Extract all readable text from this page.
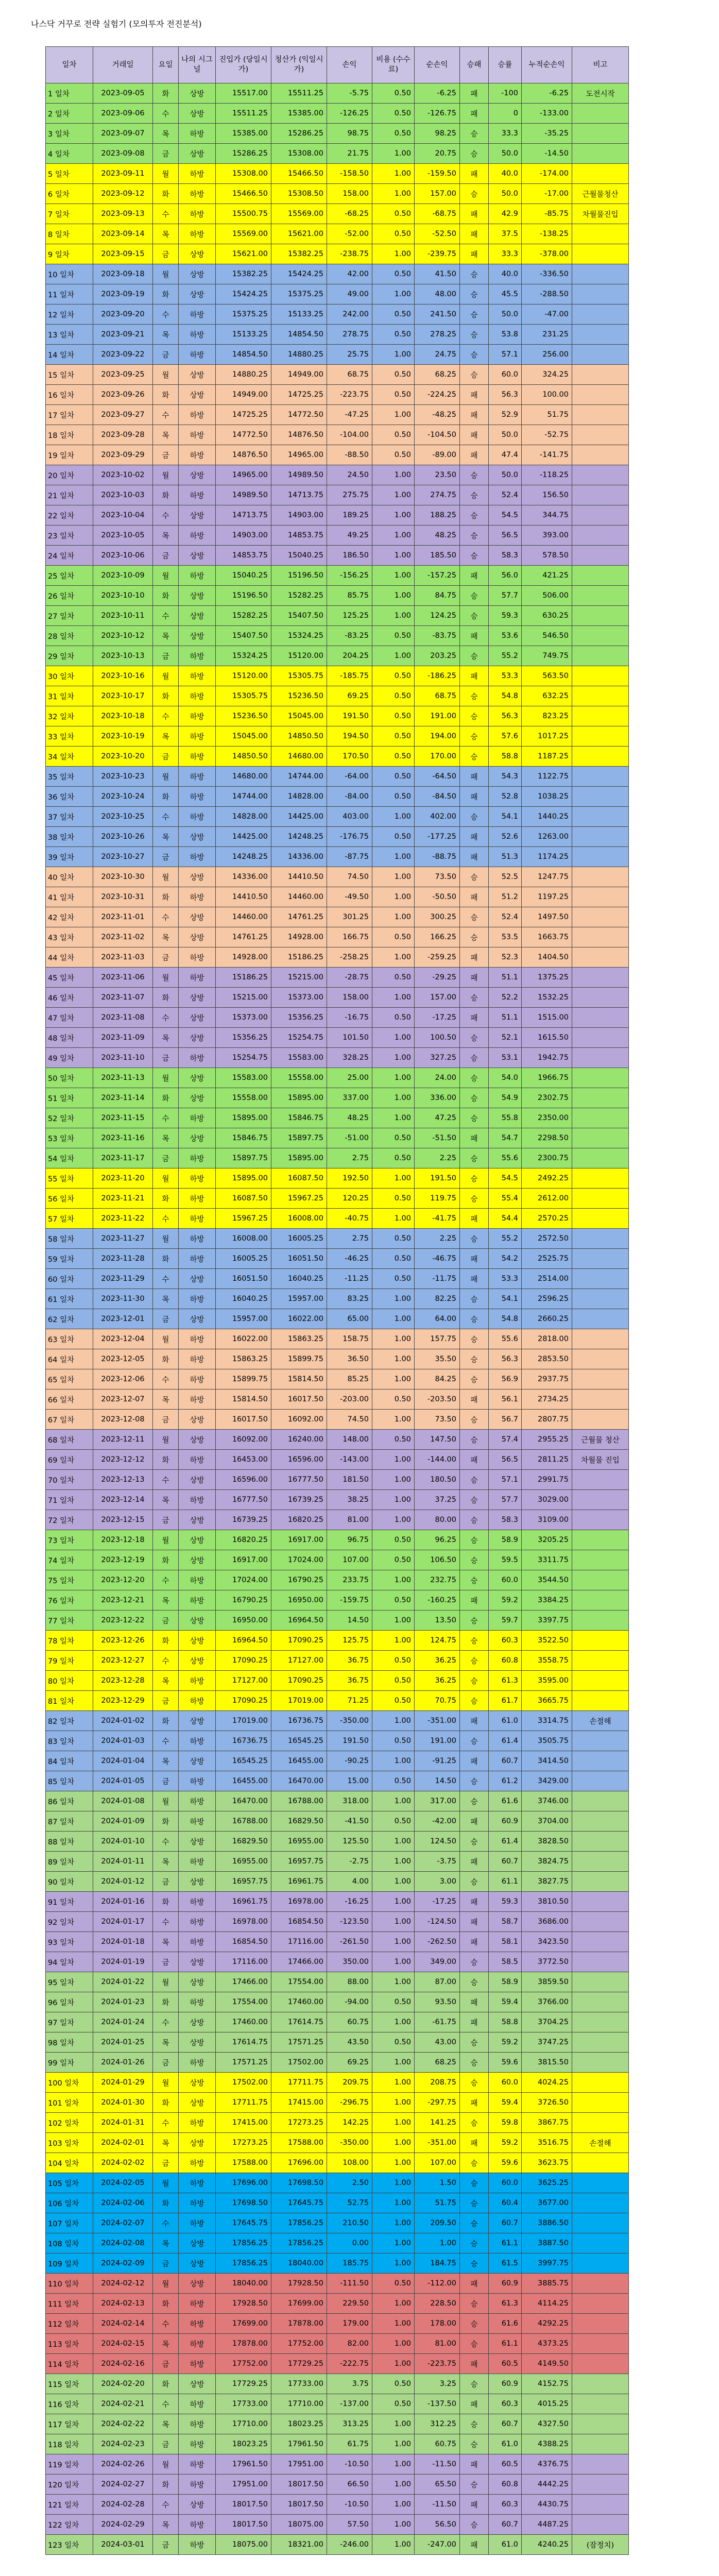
나스닥 거꾸로 전략 실험기 (모의투자 전진분석)
일차	거래일	요일	나의 시그널	진입가 (당일시가)	청산가 (익일시가)	손익	비용 (수수료)	순손익	승패	승률	누적순손익	비고
1 일차	2023-09-05	화	상방	15517.00	15511.25	-5.75	0.50	-6.25	패	-100	-6.25	도전시작
2 일차	2023-09-06	수	상방	15511.25	15385.00	-126.25	0.50	-126.75	패	0	-133.00	
3 일차	2023-09-07	목	하방	15385.00	15286.25	98.75	0.50	98.25	승	33.3	-35.25	
4 일차	2023-09-08	금	상방	15286.25	15308.00	21.75	1.00	20.75	승	50.0	-14.50	
5 일차	2023-09-11	월	하방	15308.00	15466.50	-158.50	1.00	-159.50	패	40.0	-174.00	
6 일차	2023-09-12	화	하방	15466.50	15308.50	158.00	1.00	157.00	승	50.0	-17.00	근월물청산
7 일차	2023-09-13	수	하방	15500.75	15569.00	-68.25	0.50	-68.75	패	42.9	-85.75	차월물진입
8 일차	2023-09-14	목	하방	15569.00	15621.00	-52.00	0.50	-52.50	패	37.5	-138.25	
9 일차	2023-09-15	금	상방	15621.00	15382.25	-238.75	1.00	-239.75	패	33.3	-378.00	
10 일차	2023-09-18	월	상방	15382.25	15424.25	42.00	0.50	41.50	승	40.0	-336.50	
11 일차	2023-09-19	화	상방	15424.25	15375.25	49.00	1.00	48.00	승	45.5	-288.50	
12 일차	2023-09-20	수	하방	15375.25	15133.25	242.00	0.50	241.50	승	50.0	-47.00	
13 일차	2023-09-21	목	하방	15133.25	14854.50	278.75	0.50	278.25	승	53.8	231.25	
14 일차	2023-09-22	금	하방	14854.50	14880.25	25.75	1.00	24.75	승	57.1	256.00	
15 일차	2023-09-25	월	상방	14880.25	14949.00	68.75	0.50	68.25	승	60.0	324.25	
16 일차	2023-09-26	화	상방	14949.00	14725.25	-223.75	0.50	-224.25	패	56.3	100.00	
17 일차	2023-09-27	수	하방	14725.25	14772.50	-47.25	1.00	-48.25	패	52.9	51.75	
18 일차	2023-09-28	목	하방	14772.50	14876.50	-104.00	0.50	-104.50	패	50.0	-52.75	
19 일차	2023-09-29	금	하방	14876.50	14965.00	-88.50	0.50	-89.00	패	47.4	-141.75	
20 일차	2023-10-02	월	상방	14965.00	14989.50	24.50	1.00	23.50	승	50.0	-118.25	
21 일차	2023-10-03	화	하방	14989.50	14713.75	275.75	1.00	274.75	승	52.4	156.50	
22 일차	2023-10-04	수	상방	14713.75	14903.00	189.25	1.00	188.25	승	54.5	344.75	
23 일차	2023-10-05	목	하방	14903.00	14853.75	49.25	1.00	48.25	승	56.5	393.00	
24 일차	2023-10-06	금	상방	14853.75	15040.25	186.50	1.00	185.50	승	58.3	578.50	
25 일차	2023-10-09	월	하방	15040.25	15196.50	-156.25	1.00	-157.25	패	56.0	421.25	
26 일차	2023-10-10	화	상방	15196.50	15282.25	85.75	1.00	84.75	승	57.7	506.00	
27 일차	2023-10-11	수	상방	15282.25	15407.50	125.25	1.00	124.25	승	59.3	630.25	
28 일차	2023-10-12	목	상방	15407.50	15324.25	-83.25	0.50	-83.75	패	53.6	546.50	
29 일차	2023-10-13	금	하방	15324.25	15120.00	204.25	1.00	203.25	승	55.2	749.75	
30 일차	2023-10-16	월	하방	15120.00	15305.75	-185.75	0.50	-186.25	패	53.3	563.50	
31 일차	2023-10-17	화	하방	15305.75	15236.50	69.25	0.50	68.75	승	54.8	632.25	
32 일차	2023-10-18	수	하방	15236.50	15045.00	191.50	0.50	191.00	승	56.3	823.25	
33 일차	2023-10-19	목	하방	15045.00	14850.50	194.50	0.50	194.00	승	57.6	1017.25	
34 일차	2023-10-20	금	하방	14850.50	14680.00	170.50	0.50	170.00	승	58.8	1187.25	
35 일차	2023-10-23	월	하방	14680.00	14744.00	-64.00	0.50	-64.50	패	54.3	1122.75	
36 일차	2023-10-24	화	하방	14744.00	14828.00	-84.00	0.50	-84.50	패	52.8	1038.25	
37 일차	2023-10-25	수	하방	14828.00	14425.00	403.00	1.00	402.00	승	54.1	1440.25	
38 일차	2023-10-26	목	상방	14425.00	14248.25	-176.75	0.50	-177.25	패	52.6	1263.00	
39 일차	2023-10-27	금	하방	14248.25	14336.00	-87.75	1.00	-88.75	패	51.3	1174.25	
40 일차	2023-10-30	월	상방	14336.00	14410.50	74.50	1.00	73.50	승	52.5	1247.75	
41 일차	2023-10-31	화	하방	14410.50	14460.00	-49.50	1.00	-50.50	패	51.2	1197.25	
42 일차	2023-11-01	수	상방	14460.00	14761.25	301.25	1.00	300.25	승	52.4	1497.50	
43 일차	2023-11-02	목	상방	14761.25	14928.00	166.75	0.50	166.25	승	53.5	1663.75	
44 일차	2023-11-03	금	하방	14928.00	15186.25	-258.25	1.00	-259.25	패	52.3	1404.50	
45 일차	2023-11-06	월	하방	15186.25	15215.00	-28.75	0.50	-29.25	패	51.1	1375.25	
46 일차	2023-11-07	화	상방	15215.00	15373.00	158.00	1.00	157.00	승	52.2	1532.25	
47 일차	2023-11-08	수	상방	15373.00	15356.25	-16.75	0.50	-17.25	패	51.1	1515.00	
48 일차	2023-11-09	목	상방	15356.25	15254.75	101.50	1.00	100.50	승	52.1	1615.50	
49 일차	2023-11-10	금	하방	15254.75	15583.00	328.25	1.00	327.25	승	53.1	1942.75	
50 일차	2023-11-13	월	상방	15583.00	15558.00	25.00	1.00	24.00	승	54.0	1966.75	
51 일차	2023-11-14	화	상방	15558.00	15895.00	337.00	1.00	336.00	승	54.9	2302.75	
52 일차	2023-11-15	수	하방	15895.00	15846.75	48.25	1.00	47.25	승	55.8	2350.00	
53 일차	2023-11-16	목	상방	15846.75	15897.75	-51.00	0.50	-51.50	패	54.7	2298.50	
54 일차	2023-11-17	금	하방	15897.75	15895.00	2.75	0.50	2.25	승	55.6	2300.75	
55 일차	2023-11-20	월	하방	15895.00	16087.50	192.50	1.00	191.50	승	54.5	2492.25	
56 일차	2023-11-21	화	하방	16087.50	15967.25	120.25	0.50	119.75	승	55.4	2612.00	
57 일차	2023-11-22	수	하방	15967.25	16008.00	-40.75	1.00	-41.75	패	54.4	2570.25	
58 일차	2023-11-27	월	하방	16008.00	16005.25	2.75	0.50	2.25	승	55.2	2572.50	
59 일차	2023-11-28	화	하방	16005.25	16051.50	-46.25	0.50	-46.75	패	54.2	2525.75	
60 일차	2023-11-29	수	상방	16051.50	16040.25	-11.25	0.50	-11.75	패	53.3	2514.00	
61 일차	2023-11-30	목	하방	16040.25	15957.00	83.25	1.00	82.25	승	54.1	2596.25	
62 일차	2023-12-01	금	상방	15957.00	16022.00	65.00	1.00	64.00	승	54.8	2660.25	
63 일차	2023-12-04	월	하방	16022.00	15863.25	158.75	1.00	157.75	승	55.6	2818.00	
64 일차	2023-12-05	화	하방	15863.25	15899.75	36.50	1.00	35.50	승	56.3	2853.50	
65 일차	2023-12-06	수	하방	15899.75	15814.50	85.25	1.00	84.25	승	56.9	2937.75	
66 일차	2023-12-07	목	하방	15814.50	16017.50	-203.00	0.50	-203.50	패	56.1	2734.25	
67 일차	2023-12-08	금	상방	16017.50	16092.00	74.50	1.00	73.50	승	56.7	2807.75	
68 일차	2023-12-11	월	상방	16092.00	16240.00	148.00	0.50	147.50	승	57.4	2955.25	근월물 청산
69 일차	2023-12-12	화	하방	16453.00	16596.00	-143.00	1.00	-144.00	패	56.5	2811.25	차월물 진입
70 일차	2023-12-13	수	상방	16596.00	16777.50	181.50	1.00	180.50	승	57.1	2991.75	
71 일차	2023-12-14	목	하방	16777.50	16739.25	38.25	1.00	37.25	승	57.7	3029.00	
72 일차	2023-12-15	금	상방	16739.25	16820.25	81.00	1.00	80.00	승	58.3	3109.00	
73 일차	2023-12-18	월	상방	16820.25	16917.00	96.75	0.50	96.25	승	58.9	3205.25	
74 일차	2023-12-19	화	상방	16917.00	17024.00	107.00	0.50	106.50	승	59.5	3311.75	
75 일차	2023-12-20	수	하방	17024.00	16790.25	233.75	1.00	232.75	승	60.0	3544.50	
76 일차	2023-12-21	목	하방	16790.25	16950.00	-159.75	0.50	-160.25	패	59.2	3384.25	
77 일차	2023-12-22	금	상방	16950.00	16964.50	14.50	1.00	13.50	승	59.7	3397.75	
78 일차	2023-12-26	화	상방	16964.50	17090.25	125.75	1.00	124.75	승	60.3	3522.50	
79 일차	2023-12-27	수	상방	17090.25	17127.00	36.75	0.50	36.25	승	60.8	3558.75	
80 일차	2023-12-28	목	하방	17127.00	17090.25	36.75	0.50	36.25	승	61.3	3595.00	
81 일차	2023-12-29	금	하방	17090.25	17019.00	71.25	0.50	70.75	승	61.7	3665.75	
82 일차	2024-01-02	화	상방	17019.00	16736.75	-350.00	1.00	-351.00	패	61.0	3314.75	손절해
83 일차	2024-01-03	수	하방	16736.75	16545.25	191.50	0.50	191.00	승	61.4	3505.75	
84 일차	2024-01-04	목	상방	16545.25	16455.00	-90.25	1.00	-91.25	패	60.7	3414.50	
85 일차	2024-01-05	금	하방	16455.00	16470.00	15.00	0.50	14.50	승	61.2	3429.00	
86 일차	2024-01-08	월	하방	16470.00	16788.00	318.00	1.00	317.00	승	61.6	3746.00	
87 일차	2024-01-09	화	하방	16788.00	16829.50	-41.50	0.50	-42.00	패	60.9	3704.00	
88 일차	2024-01-10	수	상방	16829.50	16955.00	125.50	1.00	124.50	승	61.4	3828.50	
89 일차	2024-01-11	목	하방	16955.00	16957.75	-2.75	1.00	-3.75	패	60.7	3824.75	
90 일차	2024-01-12	금	상방	16957.75	16961.75	4.00	1.00	3.00	승	61.1	3827.75	
91 일차	2024-01-16	화	하방	16961.75	16978.00	-16.25	1.00	-17.25	패	59.3	3810.50	
92 일차	2024-01-17	수	하방	16978.00	16854.50	-123.50	1.00	-124.50	패	58.7	3686.00	
93 일차	2024-01-18	목	하방	16854.50	17116.00	-261.50	1.00	-262.50	패	58.1	3423.50	
94 일차	2024-01-19	금	상방	17116.00	17466.00	350.00	1.00	349.00	승	58.5	3772.50	
95 일차	2024-01-22	월	상방	17466.00	17554.00	88.00	1.00	87.00	승	58.9	3859.50	
96 일차	2024-01-23	화	하방	17554.00	17460.00	-94.00	0.50	93.50	패	59.4	3766.00	
97 일차	2024-01-24	수	상방	17460.00	17614.75	60.75	1.00	-61.75	패	58.8	3704.25	
98 일차	2024-01-25	목	상방	17614.75	17571.25	43.50	0.50	43.00	승	59.2	3747.25	
99 일차	2024-01-26	금	하방	17571.25	17502.00	69.25	1.00	68.25	승	59.6	3815.50	
100 일차	2024-01-29	월	상방	17502.00	17711.75	209.75	1.00	208.75	승	60.0	4024.25	
101 일차	2024-01-30	화	상방	17711.75	17415.00	-296.75	1.00	-297.75	패	59.4	3726.50	
102 일차	2024-01-31	수	하방	17415.00	17273.25	142.25	1.00	141.25	승	59.8	3867.75	
103 일차	2024-02-01	목	상방	17273.25	17588.00	-350.00	1.00	-351.00	패	59.2	3516.75	손절해
104 일차	2024-02-02	금	하방	17588.00	17696.00	108.00	1.00	107.00	승	59.6	3623.75	
105 일차	2024-02-05	월	하방	17696.00	17698.50	2.50	1.00	1.50	승	60.0	3625.25	
106 일차	2024-02-06	화	하방	17698.50	17645.75	52.75	1.00	51.75	승	60.4	3677.00	
107 일차	2024-02-07	수	하방	17645.75	17856.25	210.50	1.00	209.50	승	60.7	3886.50	
108 일차	2024-02-08	목	상방	17856.25	17856.25	0.00	1.00	1.00	승	61.1	3887.50	
109 일차	2024-02-09	금	상방	17856.25	18040.00	185.75	1.00	184.75	승	61.5	3997.75	
110 일차	2024-02-12	월	상방	18040.00	17928.50	-111.50	0.50	-112.00	패	60.9	3885.75	
111 일차	2024-02-13	화	하방	17928.50	17699.00	229.50	1.00	228.50	승	61.3	4114.25	
112 일차	2024-02-14	수	하방	17699.00	17878.00	179.00	1.00	178.00	승	61.6	4292.25	
113 일차	2024-02-15	목	하방	17878.00	17752.00	82.00	1.00	81.00	승	61.1	4373.25	
114 일차	2024-02-16	금	하방	17752.00	17729.25	-222.75	1.00	-223.75	패	60.5	4149.50	
115 일차	2024-02-20	화	상방	17729.25	17733.00	3.75	0.50	3.25	승	60.9	4152.75	
116 일차	2024-02-21	수	하방	17733.00	17710.00	-137.00	0.50	-137.50	패	60.3	4015.25	
117 일차	2024-02-22	목	하방	17710.00	18023.25	313.25	1.00	312.25	승	60.7	4327.50	
118 일차	2024-02-23	금	하방	18023.25	17961.50	61.75	1.00	60.75	승	61.0	4388.25	
119 일차	2024-02-26	월	하방	17961.50	17951.00	-10.50	1.00	-11.50	패	60.5	4376.75	
120 일차	2024-02-27	화	하방	17951.00	18017.50	66.50	1.00	65.50	승	60.8	4442.25	
121 일차	2024-02-28	수	상방	18017.50	18017.50	-10.50	1.00	-11.50	패	60.3	4430.75	
122 일차	2024-02-29	목	하방	18017.50	18075.00	57.50	1.00	56.50	승	60.7	4487.25	
123 일차	2024-03-01	금	하방	18075.00	18321.00	-246.00	1.00	-247.00	패	61.0	4240.25	(잠정치)
